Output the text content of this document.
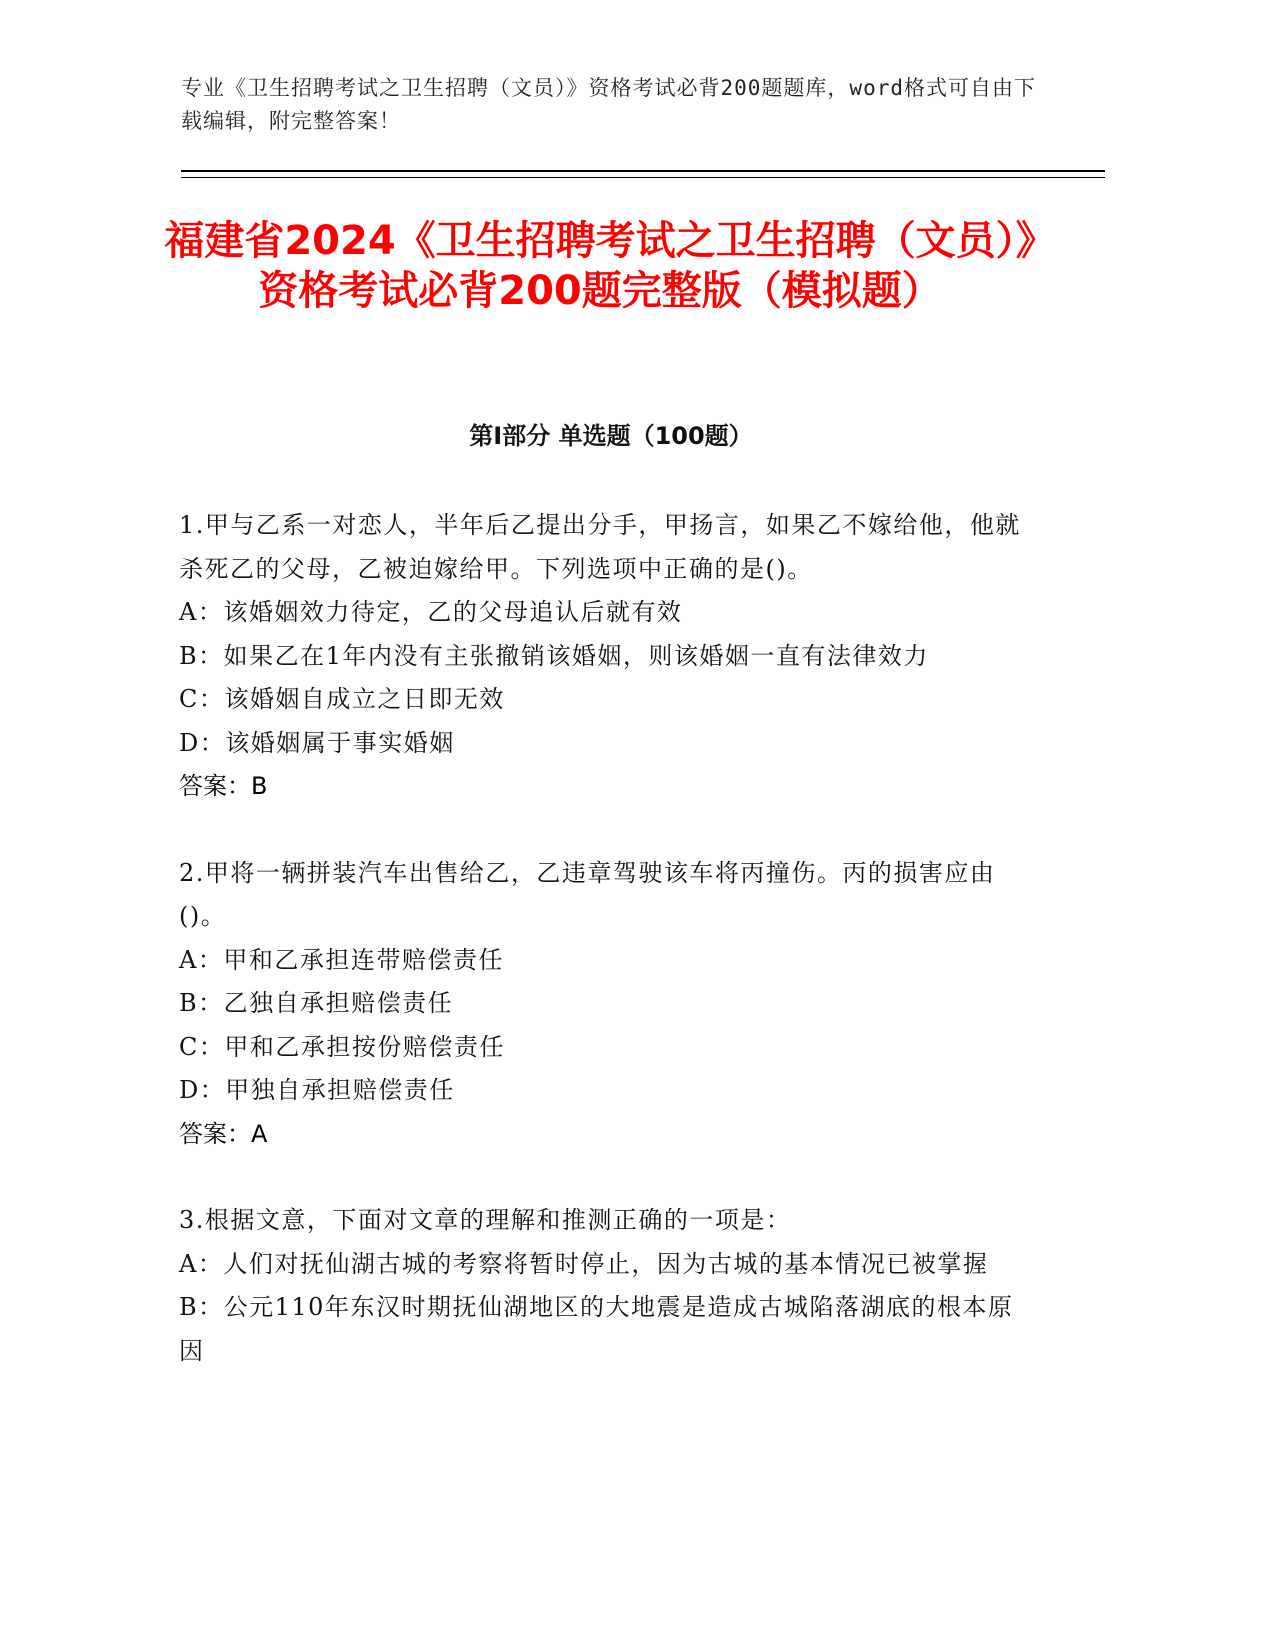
专业《卫生招聘考试之卫生招聘（文员）》资格考试必背200题题库，word格式可自由下载编辑，附完整答案！
福建省2024《卫生招聘考试之卫生招聘（文员）》资格考试必背200题完整版（模拟题）
第I部分 单选题（100题）
1.甲与乙系一对恋人，半年后乙提出分手，甲扬言，如果乙不嫁给他，他就杀死乙的父母，乙被迫嫁给甲。下列选项中正确的是()。
A：该婚姻效力待定，乙的父母追认后就有效
B：如果乙在1年内没有主张撤销该婚姻，则该婚姻一直有法律效力
C：该婚姻自成立之日即无效
D：该婚姻属于事实婚姻
答案：B
2.甲将一辆拼装汽车出售给乙，乙违章驾驶该车将丙撞伤。丙的损害应由()。
A：甲和乙承担连带赔偿责任
B：乙独自承担赔偿责任
C：甲和乙承担按份赔偿责任
D：甲独自承担赔偿责任
答案：A
3.根据文意，下面对文章的理解和推测正确的一项是：
A：人们对抚仙湖古城的考察将暂时停止，因为古城的基本情况已被掌握
B：公元110年东汉时期抚仙湖地区的大地震是造成古城陷落湖底的根本原因
